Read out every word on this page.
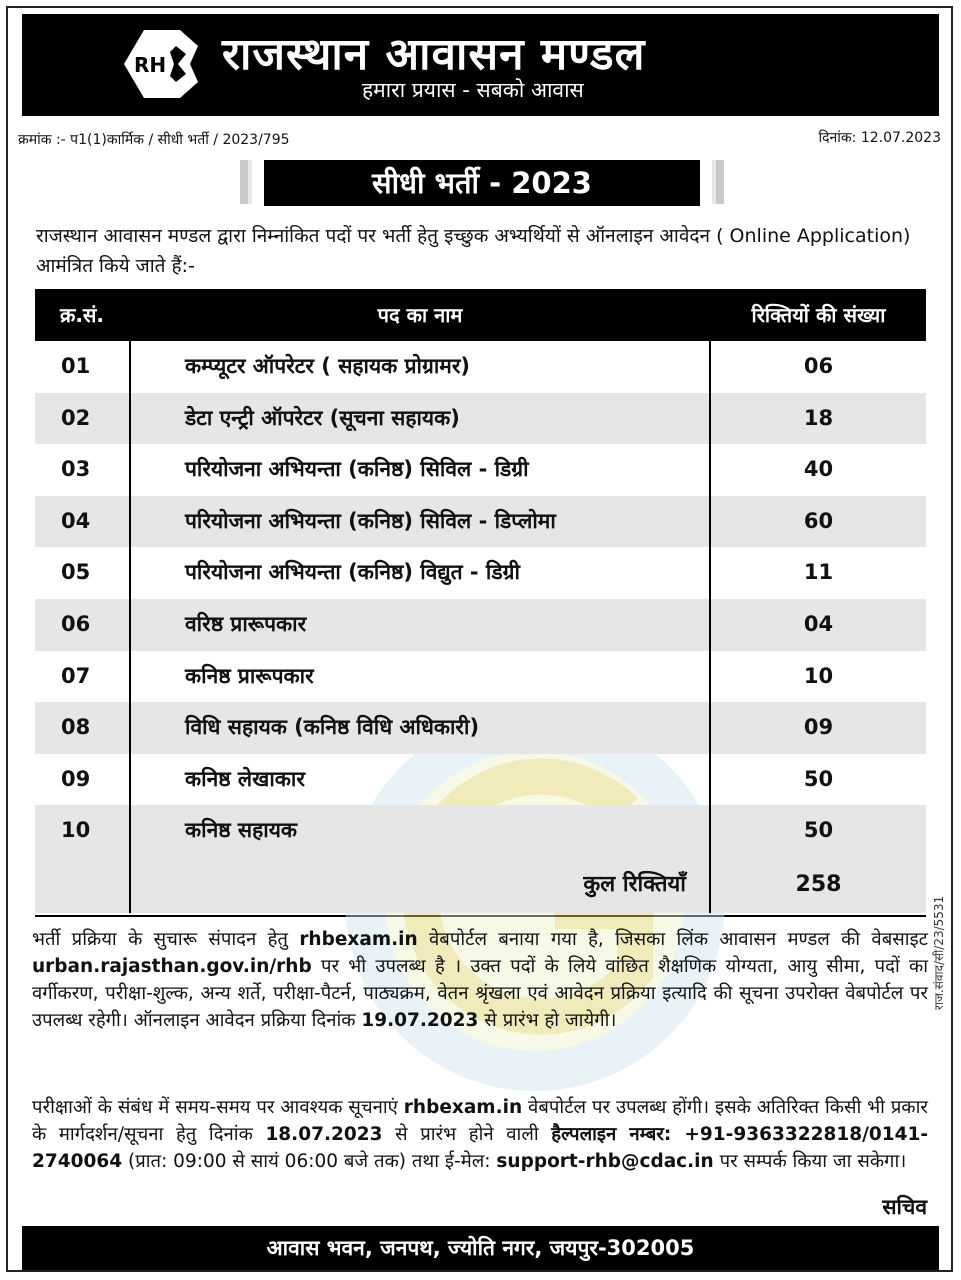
RH राजस्थान आवासन मण्डल
हमारा प्रयास - सबको आवास
क्रमांक :- प1(1)कार्मिक / सीधी भर्ती / 2023/795	दिनांक: 12.07.2023
सीधी भर्ती - 2023
राजस्थान आवासन मण्डल द्वारा निम्नांकित पदों पर भर्ती हेतु इच्छुक अभ्यर्थियों से ऑनलाइन आवेदन ( Online Application) आमंत्रित किये जाते हैं:-
क्र.सं.	पद का नाम	रिक्तियों की संख्या
01	कम्प्यूटर ऑपरेटर ( सहायक प्रोग्रामर)	06
02	डेटा एन्ट्री ऑपरेटर (सूचना सहायक)	18
03	परियोजना अभियन्ता (कनिष्ठ) सिविल - डिग्री	40
04	परियोजना अभियन्ता (कनिष्ठ) सिविल - डिप्लोमा	60
05	परियोजना अभियन्ता (कनिष्ठ) विद्युत - डिग्री	11
06	वरिष्ठ प्रारूपकार	04
07	कनिष्ठ प्रारूपकार	10
08	विधि सहायक (कनिष्ठ विधि अधिकारी)	09
09	कनिष्ठ लेखाकार	50
10	कनिष्ठ सहायक	50
कुल रिक्तियाँ	258
भर्ती प्रक्रिया के सुचारू संपादन हेतु rhbexam.in वेबपोर्टल बनाया गया है, जिसका लिंक आवासन मण्डल की वेबसाइट urban.rajasthan.gov.in/rhb पर भी उपलब्ध है । उक्त पदों के लिये वांछित शैक्षणिक योग्यता, आयु सीमा, पदों का वर्गीकरण, परीक्षा-शुल्क, अन्य शर्ते, परीक्षा-पैटर्न, पाठ्यक्रम, वेतन श्रृंखला एवं आवेदन प्रक्रिया इत्यादि की सूचना उपरोक्त वेबपोर्टल पर उपलब्ध रहेगी। ऑनलाइन आवेदन प्रक्रिया दिनांक 19.07.2023 से प्रारंभ हो जायेगी।
परीक्षाओं के संबंध में समय-समय पर आवश्यक सूचनाएं rhbexam.in वेबपोर्टल पर उपलब्ध होंगी। इसके अतिरिक्त किसी भी प्रकार के मार्गदर्शन/सूचना हेतु दिनांक 18.07.2023 से प्रारंभ होने वाली हैल्पलाइन नम्बर: +91-9363322818/0141-2740064 (प्रात: 09:00 से सायं 06:00 बजे तक) तथा ई-मेल: support-rhb@cdac.in पर सम्पर्क किया जा सकेगा।
सचिव
राज.संवाद/सी/23/5531
आवास भवन, जनपथ, ज्योति नगर, जयपुर-302005
